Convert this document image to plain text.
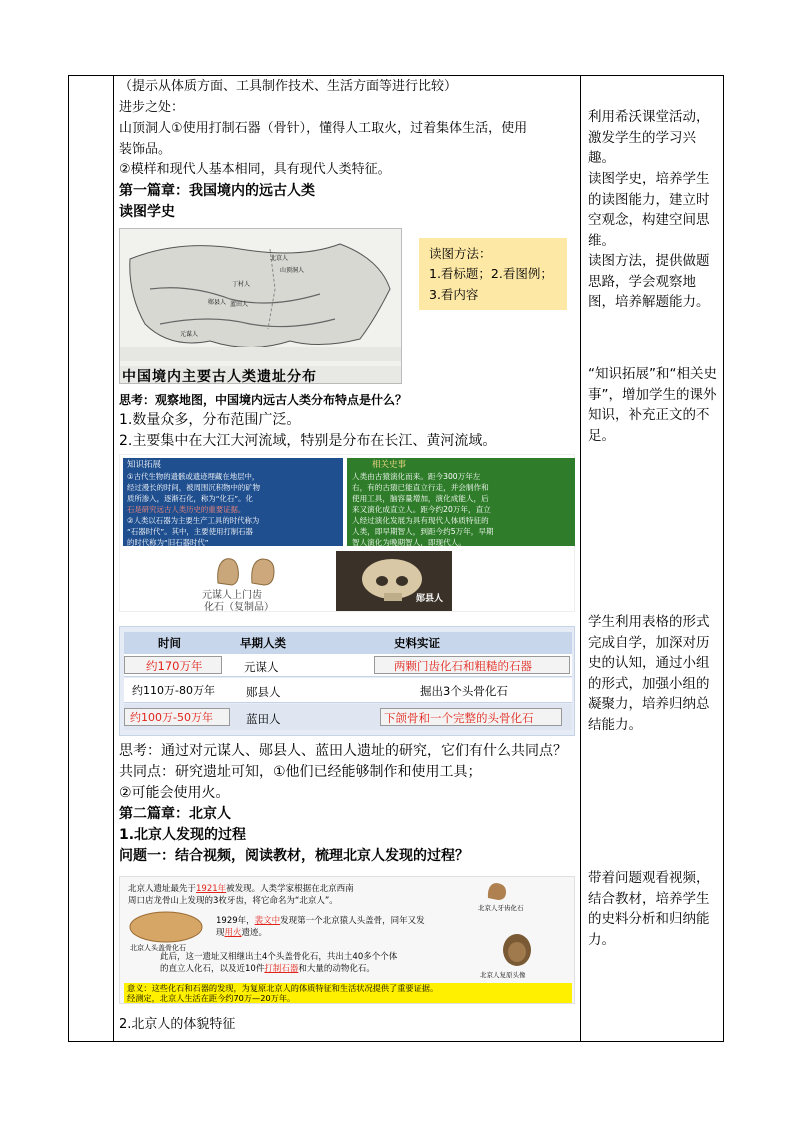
（提示从体质方面、工具制作技术、生活方面等进行比较）
进步之处：
山顶洞人①使用打制石器（骨针），懂得人工取火，过着集体生活，使用
装饰品。
②模样和现代人基本相同，具有现代人类特征。
第一篇章：我国境内的远古人类
读图学史
北京人
山顶洞人
丁村人
郧县人 蓝田人
元谋人
中国境内主要古人类遗址分布
读图方法：
1.看标题；2.看图例；
3.看内容
思考：观察地图，中国境内远古人类分布特点是什么？
1.数量众多，分布范围广泛。
2.主要集中在大江大河流域，特别是分布在长江、黄河流域。
知识拓展
①古代生物的遗骸或遗迹埋藏在地层中，
经过漫长的时间，被周围沉积物中的矿物
质所渗入，逐渐石化，称为“化石”。化
石是研究远古人类历史的重要证据。
②人类以石器为主要生产工具的时代称为
“石器时代”。其中，主要使用打制石器
的时代称为“旧石器时代”
相关史事
人类由古猿演化而来。距今300万年左
右，有的古猿已能直立行走，并会制作和
使用工具，脑容量增加，演化成能人，后
来又演化成直立人。距今约20万年，直立
人经过演化发展为具有现代人体质特征的
人类，即早期智人，到距今约5万年，早期
智人演化为晚期智人，即现代人。
元谋人上门齿
化石（复制品）
郧县人
时间	早期人类	史料实证
约170万年	元谋人	两颗门齿化石和粗糙的石器
约110万-80万年	郧县人	掘出3个头骨化石
约100万-50万年	蓝田人	下颌骨和一个完整的头骨化石
思考：通过对元谋人、郧县人、蓝田人遗址的研究，它们有什么共同点？
共同点：研究遗址可知，①他们已经能够制作和使用工具；
②可能会使用火。
第二篇章：北京人
1.北京人发现的过程
问题一：结合视频，阅读教材，梳理北京人发现的过程？
北京人遗址最先于1921年被发现。人类学家根据在北京西南
周口店龙骨山上发现的3枚牙齿，将它命名为“北京人”。
1929年，裴文中发现第一个北京猿人头盖骨，同年又发
现用火遗迹。
此后，这一遗址又相继出土4个头盖骨化石，共出土40多个个体
的直立人化石，以及近10件打制石器和大量的动物化石。
北京人头盖骨化石
北京人牙齿化石
北京人复原头像
意义：这些化石和石器的发现，为复原北京人的体质特征和生活状况提供了重要证据。
经测定，北京人生活在距今约70万—20万年。
2.北京人的体貌特征
利用希沃课堂活动，激发学生的学习兴趣。
读图学史，培养学生的读图能力，建立时空观念，构建空间思维。
读图方法，提供做题思路，学会观察地图，培养解题能力。
“知识拓展”和“相关史事”，增加学生的课外知识，补充正文的不足。
学生利用表格的形式完成自学，加深对历史的认知，通过小组的形式，加强小组的凝聚力，培养归纳总结能力。
带着问题观看视频，结合教材，培养学生的史料分析和归纳能力。
